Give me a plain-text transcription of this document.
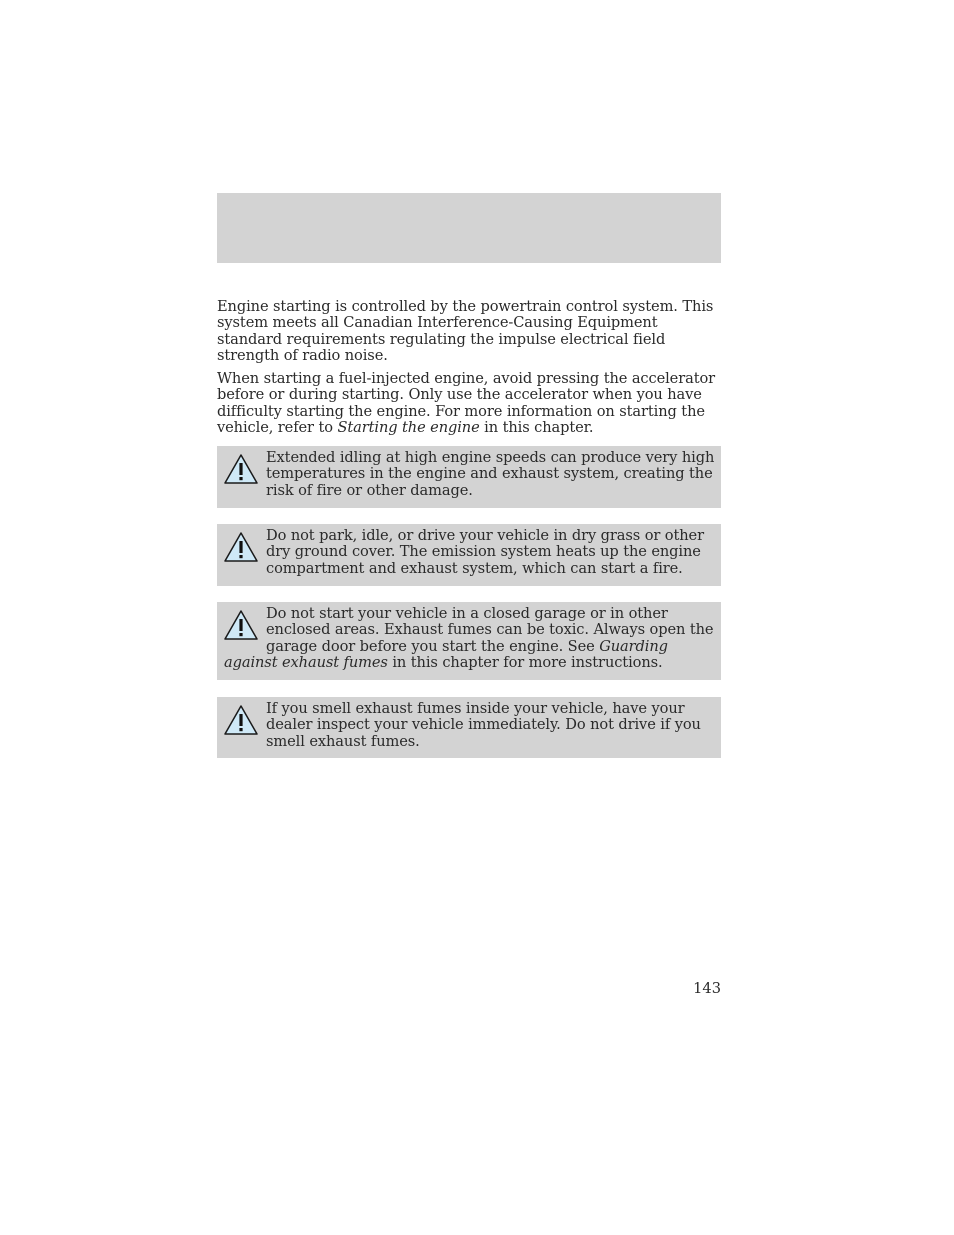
Engine starting is controlled by the powertrain control system. This system meets all Canadian Interference-Causing Equipment standard requirements regulating the impulse electrical field strength of radio noise.

When starting a fuel-injected engine, avoid pressing the accelerator before or during starting. Only use the accelerator when you have difficulty starting the engine. For more information on starting the vehicle, refer to Starting the engine in this chapter.

Extended idling at high engine speeds can produce very high temperatures in the engine and exhaust system, creating the risk of fire or other damage.

Do not park, idle, or drive your vehicle in dry grass or other dry ground cover. The emission system heats up the engine compartment and exhaust system, which can start a fire.

Do not start your vehicle in a closed garage or in other enclosed areas. Exhaust fumes can be toxic. Always open the garage door before you start the engine. See Guarding against exhaust fumes in this chapter for more instructions.

If you smell exhaust fumes inside your vehicle, have your dealer inspect your vehicle immediately. Do not drive if you smell exhaust fumes.

143
